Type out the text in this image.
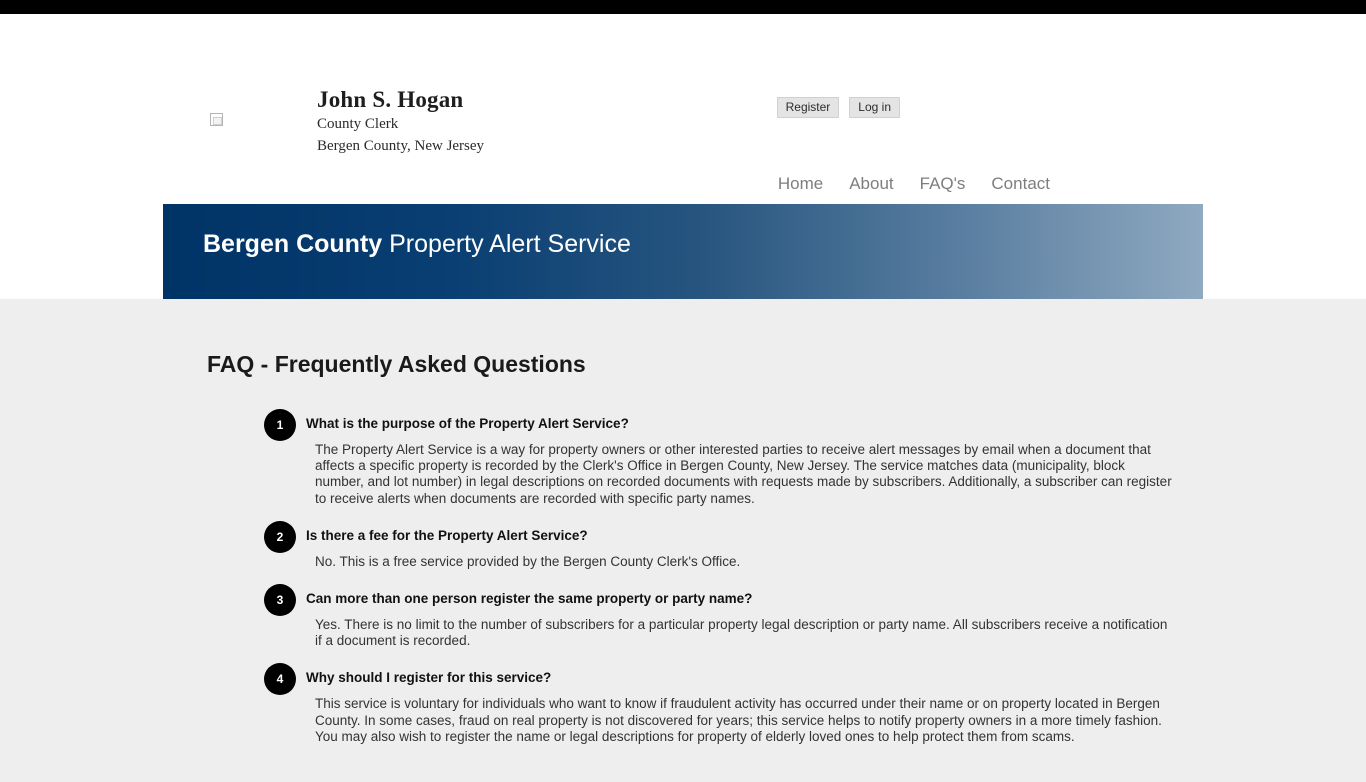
John S. Hogan
County Clerk
Bergen County, New Jersey
Register	Log in
Home About FAQ's Contact
Bergen County Property Alert Service
FAQ - Frequently Asked Questions
1	What is the purpose of the Property Alert Service?
The Property Alert Service is a way for property owners or other interested parties to receive alert messages by email when a document that affects a specific property is recorded by the Clerk's Office in Bergen County, New Jersey. The service matches data (municipality, block number, and lot number) in legal descriptions on recorded documents with requests made by subscribers. Additionally, a subscriber can register to receive alerts when documents are recorded with specific party names.
2	Is there a fee for the Property Alert Service?
No. This is a free service provided by the Bergen County Clerk's Office.
3	Can more than one person register the same property or party name?
Yes. There is no limit to the number of subscribers for a particular property legal description or party name. All subscribers receive a notification if a document is recorded.
4	Why should I register for this service?
This service is voluntary for individuals who want to know if fraudulent activity has occurred under their name or on property located in Bergen County. In some cases, fraud on real property is not discovered for years; this service helps to notify property owners in a more timely fashion. You may also wish to register the name or legal descriptions for property of elderly loved ones to help protect them from scams.
